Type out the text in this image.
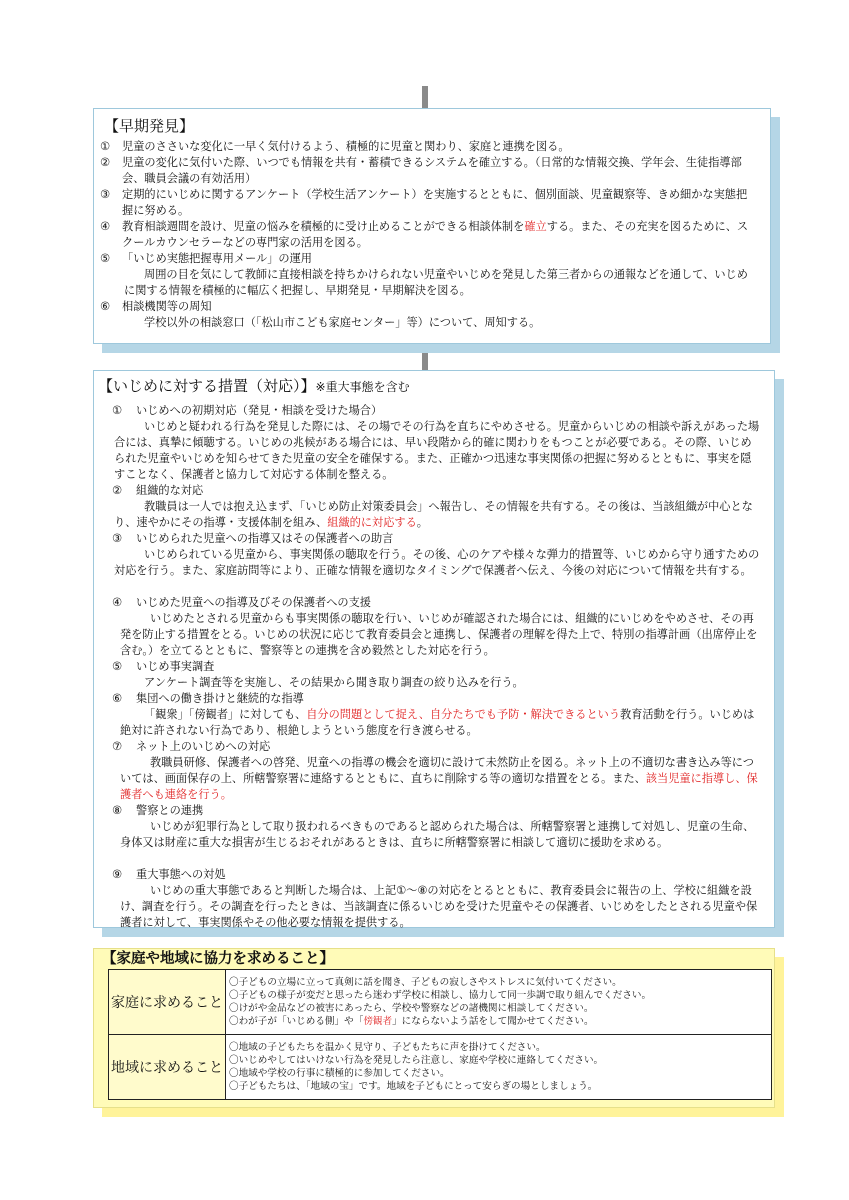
【早期発見】
① 児童のささいな変化に一早く気付けるよう、積極的に児童と関わり、家庭と連携を図る。
② 児童の変化に気付いた際、いつでも情報を共有・蓄積できるシステムを確立する。（日常的な情報交換、学年会、生徒指導部会、職員会議の有効活用）
③ 定期的にいじめに関するアンケート（学校生活アンケート）を実施するとともに、個別面談、児童観察等、きめ細かな実態把握に努める。
④ 教育相談週間を設け、児童の悩みを積極的に受け止めることができる相談体制を確立する。また、その充実を図るために、スクールカウンセラーなどの専門家の活用を図る。
⑤ 「いじめ実態把握専用メール」の運用
周囲の目を気にして教師に直接相談を持ちかけられない児童やいじめを発見した第三者からの通報などを通して、いじめに関する情報を積極的に幅広く把握し、早期発見・早期解決を図る。
⑥ 相談機関等の周知
学校以外の相談窓口（「松山市こども家庭センター」等）について、周知する。
【いじめに対する措置（対応）】※重大事態を含む
① いじめへの初期対応（発見・相談を受けた場合）
いじめと疑われる行為を発見した際には、その場でその行為を直ちにやめさせる。児童からいじめの相談や訴えがあった場合には、真摯に傾聴する。いじめの兆候がある場合には、早い段階から的確に関わりをもつことが必要である。その際、いじめられた児童やいじめを知らせてきた児童の安全を確保する。また、正確かつ迅速な事実関係の把握に努めるとともに、事実を隠すことなく、保護者と協力して対応する体制を整える。
② 組織的な対応
教職員は一人では抱え込まず、「いじめ防止対策委員会」へ報告し、その情報を共有する。その後は、当該組織が中心となり、速やかにその指導・支援体制を組み、組織的に対応する。
③ いじめられた児童への指導又はその保護者への助言
いじめられている児童から、事実関係の聴取を行う。その後、心のケアや様々な弾力的措置等、いじめから守り通すための対応を行う。また、家庭訪問等により、正確な情報を適切なタイミングで保護者へ伝え、今後の対応について情報を共有する。
④ いじめた児童への指導及びその保護者への支援
いじめたとされる児童からも事実関係の聴取を行い、いじめが確認された場合には、組織的にいじめをやめさせ、その再発を防止する措置をとる。いじめの状況に応じて教育委員会と連携し、保護者の理解を得た上で、特別の指導計画（出席停止を含む。）を立てるとともに、警察等との連携を含め毅然とした対応を行う。
⑤ いじめ事実調査
アンケート調査等を実施し、その結果から聞き取り調査の絞り込みを行う。
⑥ 集団への働き掛けと継続的な指導
「観衆」「傍観者」に対しても、自分の問題として捉え、自分たちでも予防・解決できるという教育活動を行う。いじめは絶対に許されない行為であり、根絶しようという態度を行き渡らせる。
⑦ ネット上のいじめへの対応
教職員研修、保護者への啓発、児童への指導の機会を適切に設けて未然防止を図る。ネット上の不適切な書き込み等については、画面保存の上、所轄警察署に連絡するとともに、直ちに削除する等の適切な措置をとる。また、該当児童に指導し、保護者へも連絡を行う。
⑧ 警察との連携
いじめが犯罪行為として取り扱われるべきものであると認められた場合は、所轄警察署と連携して対処し、児童の生命、身体又は財産に重大な損害が生じるおそれがあるときは、直ちに所轄警察署に相談して適切に援助を求める。
⑨ 重大事態への対処
いじめの重大事態であると判断した場合は、上記①～⑧の対応をとるとともに、教育委員会に報告の上、学校に組織を設け、調査を行う。その調査を行ったときは、当該調査に係るいじめを受けた児童やその保護者、いじめをしたとされる児童や保護者に対して、事実関係やその他必要な情報を提供する。
【家庭や地域に協力を求めること】
家庭に求めること	〇子どもの立場に立って真剣に話を聞き、子どもの寂しさやストレスに気付いてください。
〇子どもの様子が変だと思ったら迷わず学校に相談し、協力して同一歩調で取り組んでください。
〇けがや金品などの被害にあったら、学校や警察などの諸機関に相談してください。
〇わが子が「いじめる側」や「傍観者」にならないよう話をして聞かせてください。

地域に求めること	〇地域の子どもたちを温かく見守り、子どもたちに声を掛けてください。
〇いじめやしてはいけない行為を発見したら注意し、家庭や学校に連絡してください。
〇地域や学校の行事に積極的に参加してください。
〇子どもたちは、「地域の宝」です。地域を子どもにとって安らぎの場としましょう。
